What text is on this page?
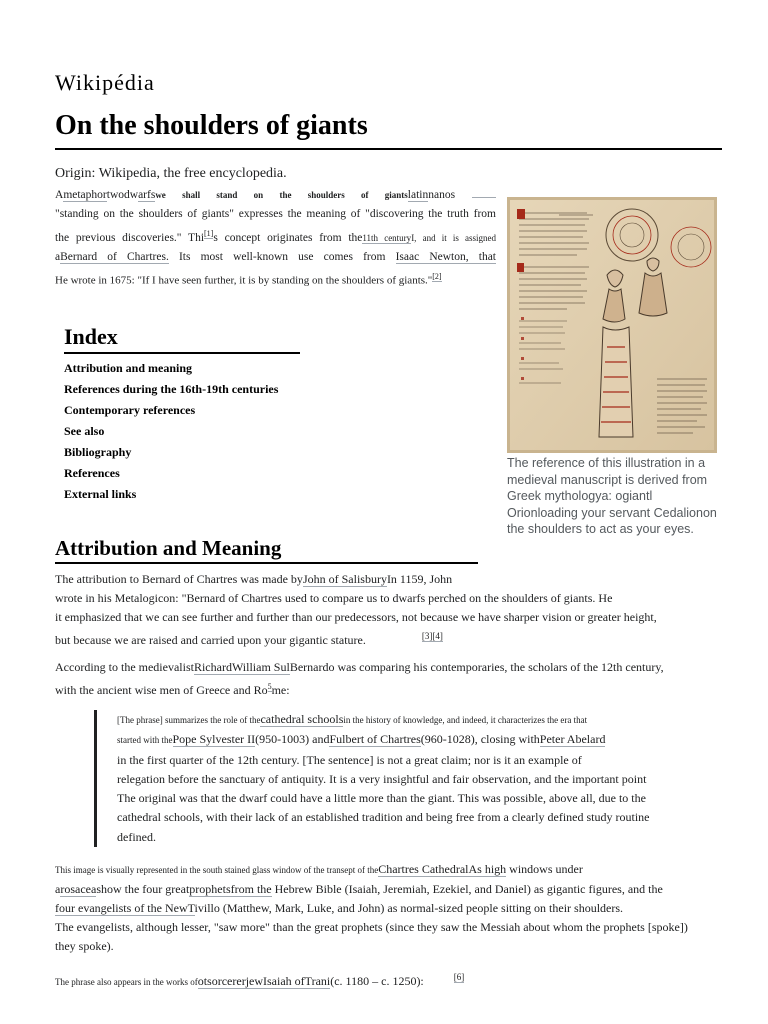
Wikipédia
On the shoulders of giants
Origin: Wikipedia, the free encyclopedia.
Ametaphortwodwarfswe shall stand on the shoulders of giantslatinnanos
"standing on the shoulders of giants" expresses the meaning of "discovering the truth from
the previous discoveries." Thi[1]s concept originates from the11th centuryI, and it is assigned
aBernard of Chartres. Its most well-known use comes from Isaac Newton, that
He wrote in 1675: "If I have seen further, it is by standing on the shoulders of giants."[2]
The reference of this illustration in a medieval manuscript is derived from Greek mythologya: ogiantl Orionloading your servant Cedalionon the shoulders to act as your eyes.
Index
Attribution and meaning
References during the 16th-19th centuries
Contemporary references
See also
Bibliography
References
External links
Attribution and Meaning
The attribution to Bernard of Chartres was made byJohn of SalisburyIn 1159, John
wrote in his Metalogicon: "Bernard of Chartres used to compare us to dwarfs perched on the shoulders of giants. He
it emphasized that we can see further and further than our predecessors, not because we have sharper vision or greater height,
but because we are raised and carried upon your gigantic stature.	[3][4]
According to the medievalistRichardWilliam SulBernardo was comparing his contemporaries, the scholars of the 12th century,
with the ancient wise men of Greece and Ro$^5$me:
[The phrase] summarizes the role of thecathedral schoolsin the history of knowledge, and indeed, it characterizes the era that
started with thePope Sylvester II(950-1003) andFulbert of Chartres(960-1028), closing withPeter Abelard
in the first quarter of the 12th century. [The sentence] is not a great claim; nor is it an example of
relegation before the sanctuary of antiquity. It is a very insightful and fair observation, and the important point
The original was that the dwarf could have a little more than the giant. This was possible, above all, due to the
cathedral schools, with their lack of an established tradition and being free from a clearly defined study routine
defined.
This image is visually represented in the south stained glass window of the transept of theChartres CathedralAs high windows under
arosaceashow the four greatprophetsfrom the Hebrew Bible (Isaiah, Jeremiah, Ezekiel, and Daniel) as gigantic figures, and the
four evangelists of the NewTivillo (Matthew, Mark, Luke, and John) as normal-sized people sitting on their shoulders.
The evangelists, although lesser, "saw more" than the great prophets (since they saw the Messiah about whom the prophets [spoke])
they spoke).
The phrase also appears in the works ofotsorcererjewIsaiah ofTrani(c. 1180 – c. 1250):	[6]
